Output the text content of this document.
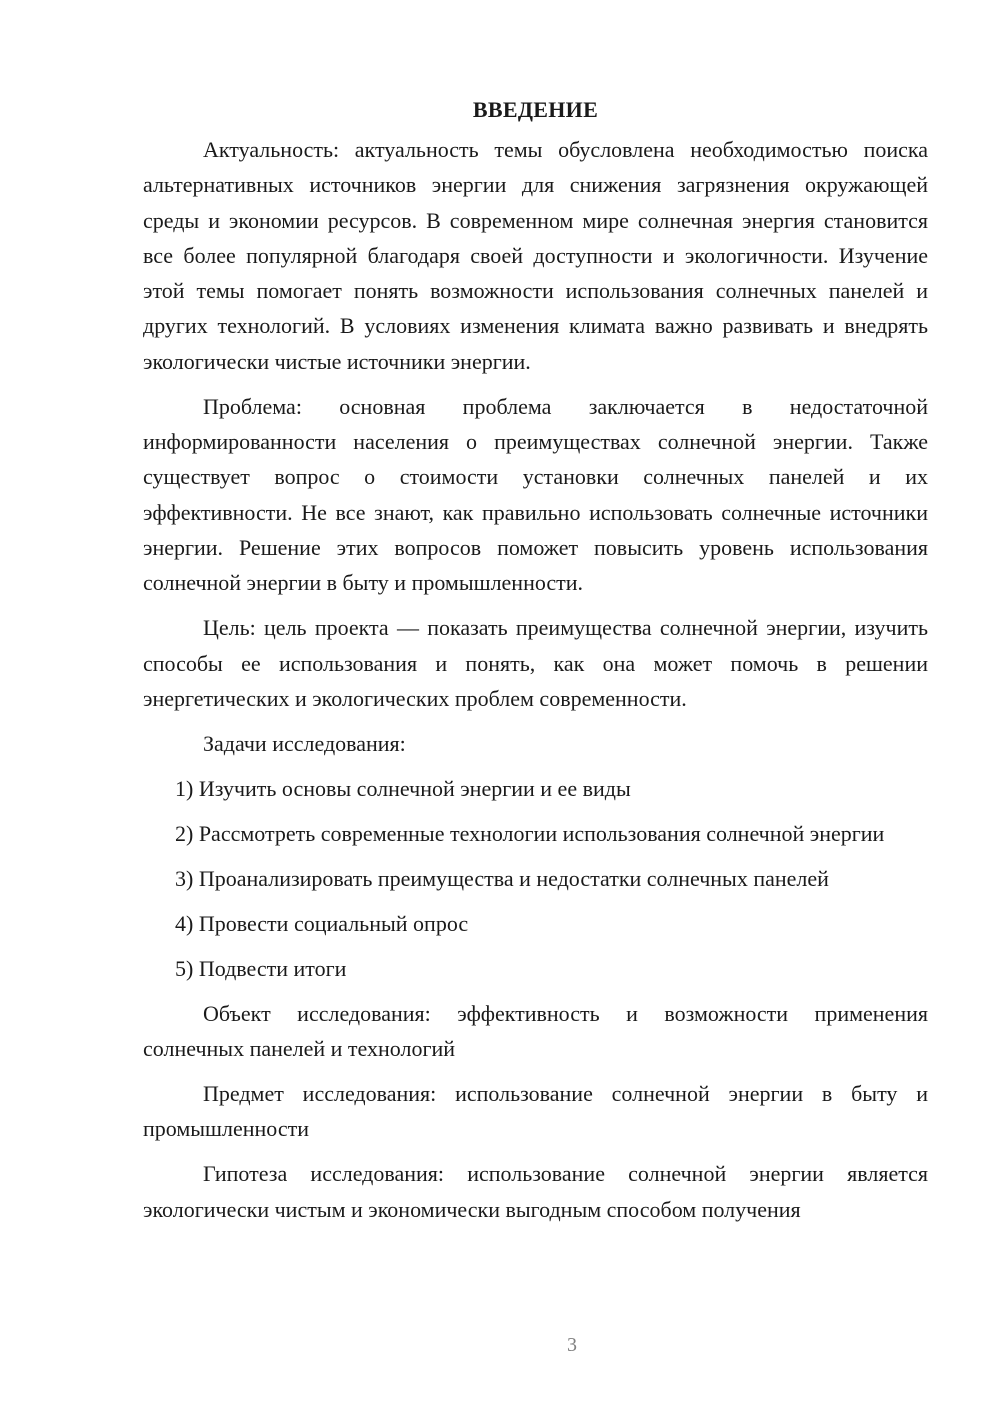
ВВЕДЕНИЕ

Актуальность: актуальность темы обусловлена необходимостью поиска альтернативных источников энергии для снижения загрязнения окружающей среды и экономии ресурсов. В современном мире солнечная энергия становится все более популярной благодаря своей доступности и экологичности. Изучение этой темы помогает понять возможности использования солнечных панелей и других технологий. В условиях изменения климата важно развивать и внедрять экологически чистые источники энергии.

Проблема: основная проблема заключается в недостаточной информированности населения о преимуществах солнечной энергии. Также существует вопрос о стоимости установки солнечных панелей и их эффективности. Не все знают, как правильно использовать солнечные источники энергии. Решение этих вопросов поможет повысить уровень использования солнечной энергии в быту и промышленности.

Цель: цель проекта — показать преимущества солнечной энергии, изучить способы ее использования и понять, как она может помочь в решении энергетических и экологических проблем современности.

Задачи исследования:

1) Изучить основы солнечной энергии и ее виды

2) Рассмотреть современные технологии использования солнечной энергии

3) Проанализировать преимущества и недостатки солнечных панелей

4) Провести социальный опрос

5) Подвести итоги

Объект исследования: эффективность и возможности применения солнечных панелей и технологий

Предмет исследования: использование солнечной энергии в быту и промышленности

Гипотеза исследования: использование солнечной энергии является экологически чистым и экономически выгодным способом получения

3
